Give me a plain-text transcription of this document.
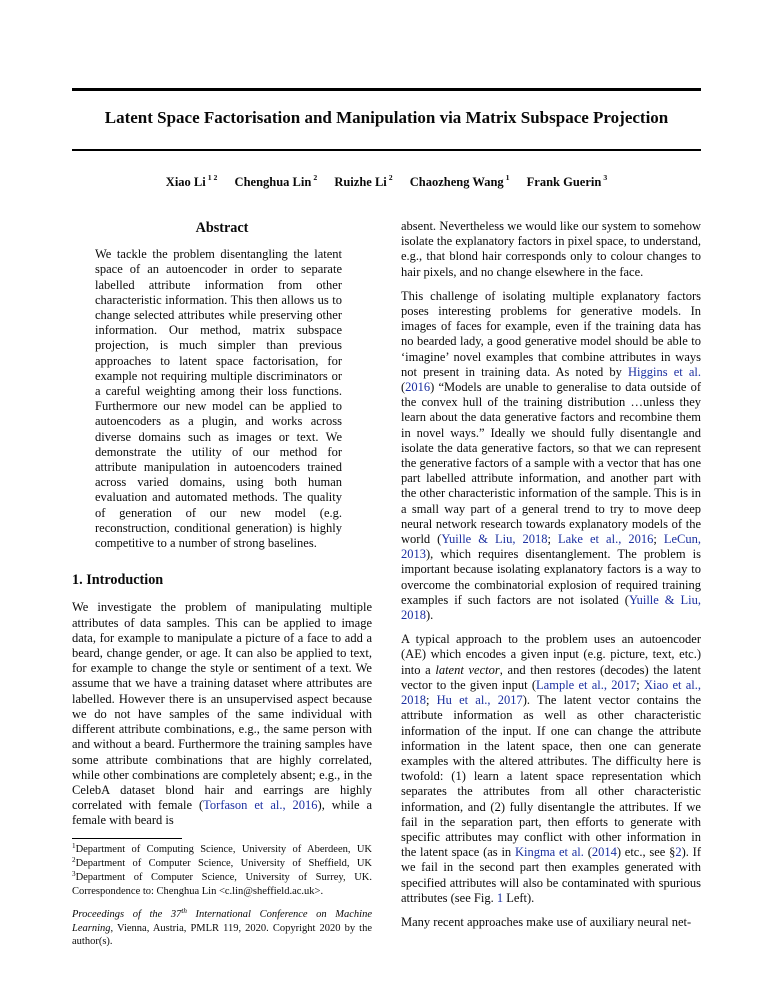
Latent Space Factorisation and Manipulation via Matrix Subspace Projection
Xiao Li $^{1 2}$ Chenghua Lin $^2$ Ruizhe Li $^2$ Chaozheng Wang $^1$ Frank Guerin $^3$
Abstract
We tackle the problem disentangling the latent space of an autoencoder in order to separate labelled attribute information from other characteristic information. This then allows us to change selected attributes while preserving other information. Our method, matrix subspace projection, is much simpler than previous approaches to latent space factorisation, for example not requiring multiple discriminators or a careful weighting among their loss functions. Furthermore our new model can be applied to autoencoders as a plugin, and works across diverse domains such as images or text. We demonstrate the utility of our method for attribute manipulation in autoencoders trained across varied domains, using both human evaluation and automated methods. The quality of generation of our new model (e.g. reconstruction, conditional generation) is highly competitive to a number of strong baselines.
1. Introduction
We investigate the problem of manipulating multiple attributes of data samples. This can be applied to image data, for example to manipulate a picture of a face to add a beard, change gender, or age. It can also be applied to text, for example to change the style or sentiment of a text. We assume that we have a training dataset where attributes are labelled. However there is an unsupervised aspect because we do not have samples of the same individual with different attribute combinations, e.g., the same person with and without a beard. Furthermore the training samples have some attribute combinations that are highly correlated, while other combinations are completely absent; e.g., in the CelebA dataset blond hair and earrings are highly correlated with female (Torfason et al., 2016), while a female with beard is
$^1$Department of Computing Science, University of Aberdeen, UK $^2$Department of Computer Science, University of Sheffield, UK $^3$Department of Computer Science, University of Surrey, UK. Correspondence to: Chenghua Lin <c.lin@sheffield.ac.uk>.
Proceedings of the 37th International Conference on Machine Learning, Vienna, Austria, PMLR 119, 2020. Copyright 2020 by the author(s).
absent. Nevertheless we would like our system to somehow isolate the explanatory factors in pixel space, to understand, e.g., that blond hair corresponds only to colour changes to hair pixels, and no change elsewhere in the face.
This challenge of isolating multiple explanatory factors poses interesting problems for generative models. In images of faces for example, even if the training data has no bearded lady, a good generative model should be able to ‘imagine’ novel examples that combine attributes in ways not present in training data. As noted by Higgins et al. (2016) “Models are unable to generalise to data outside of the convex hull of the training distribution …unless they learn about the data generative factors and recombine them in novel ways.” Ideally we should fully disentangle and isolate the data generative factors, so that we can represent the generative factors of a sample with a vector that has one part labelled attribute information, and another part with the other characteristic information of the sample. This is in a small way part of a general trend to try to move deep neural network research towards explanatory models of the world (Yuille & Liu, 2018; Lake et al., 2016; LeCun, 2013), which requires disentanglement. The problem is important because isolating explanatory factors is a way to overcome the combinatorial explosion of required training examples if such factors are not isolated (Yuille & Liu, 2018).
A typical approach to the problem uses an autoencoder (AE) which encodes a given input (e.g. picture, text, etc.) into a latent vector, and then restores (decodes) the latent vector to the given input (Lample et al., 2017; Xiao et al., 2018; Hu et al., 2017). The latent vector contains the attribute information as well as other characteristic information of the input. If one can change the attribute information in the latent space, then one can generate examples with the altered attributes. The difficulty here is twofold: (1) learn a latent space representation which separates the attributes from all other characteristic information, and (2) fully disentangle the attributes. If we fail in the separation part, then efforts to generate with specific attributes may conflict with other information in the latent space (as in Kingma et al. (2014) etc., see §2). If we fail in the second part then examples generated with specified attributes will also be contaminated with spurious attributes (see Fig. 1 Left).
Many recent approaches make use of auxiliary neural net-
